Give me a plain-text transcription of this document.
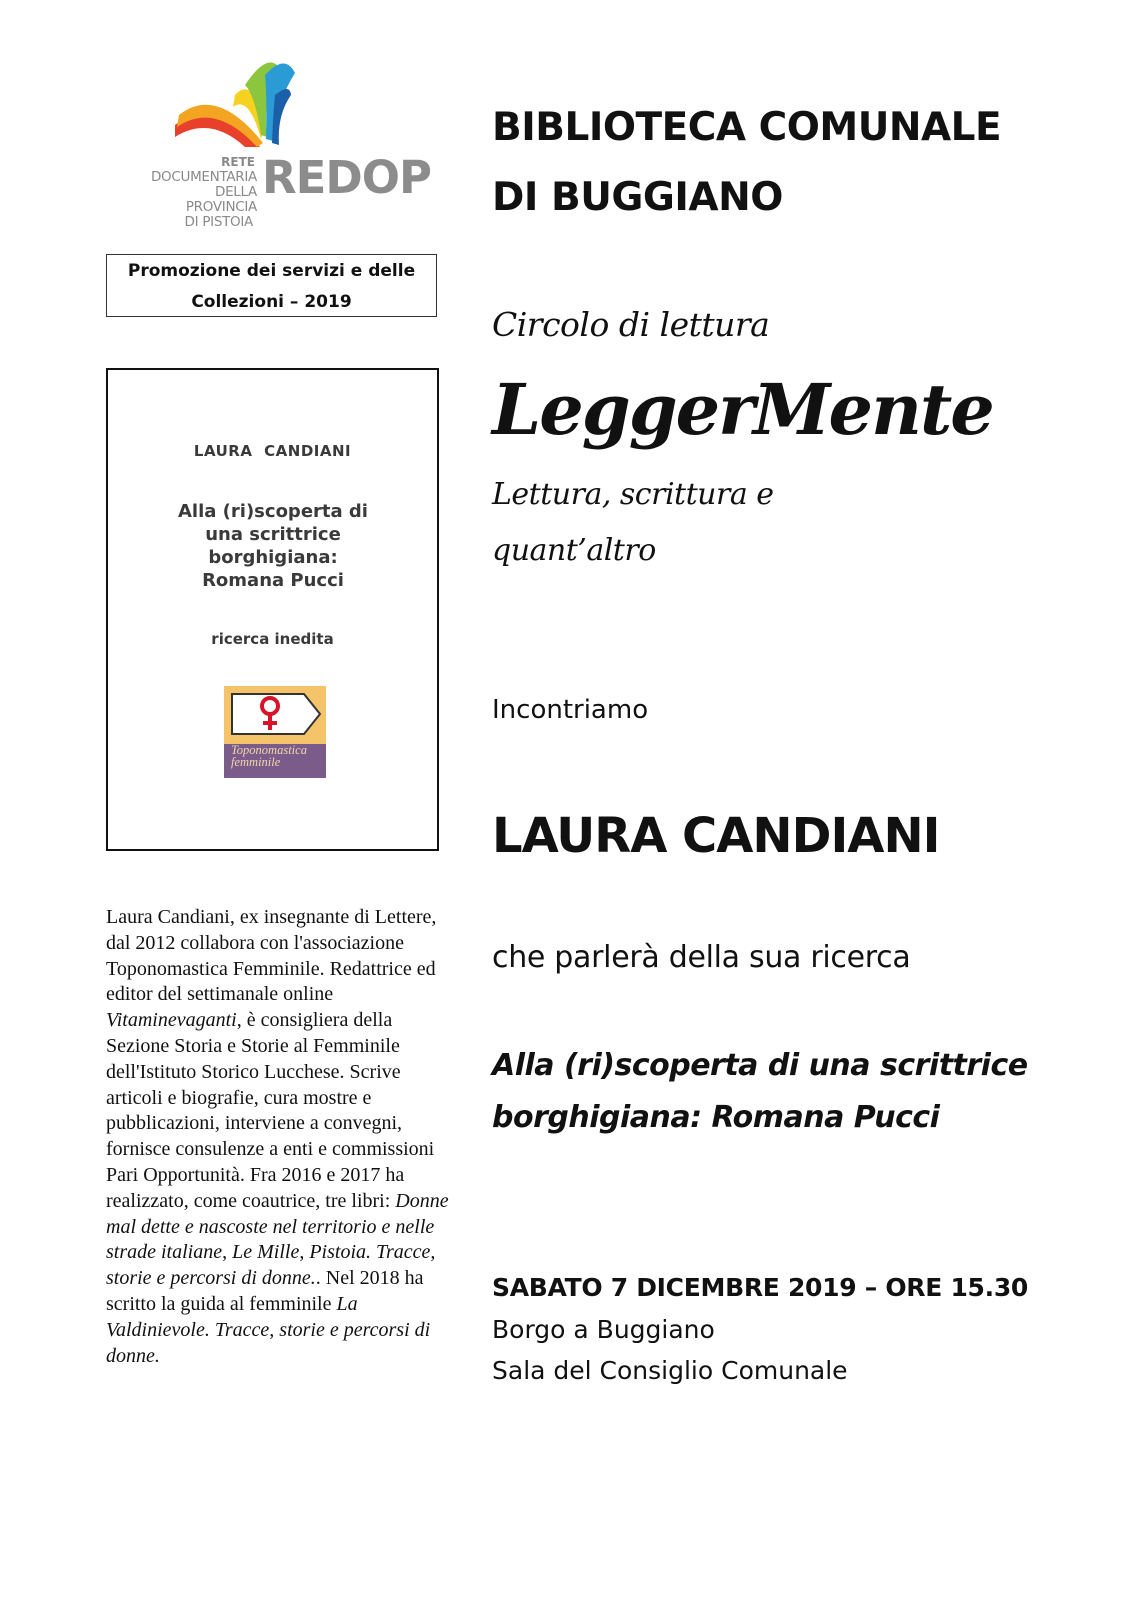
RETE
DOCUMENTARIA
DELLA PROVINCIA
DI PISTOIA
REDOP
Promozione dei servizi e delle
Collezioni – 2019
LAURA CANDIANI
Alla (ri)scoperta di
una scrittrice
borghigiana:
Romana Pucci
ricerca inedita
Toponomastica
femminile
Laura Candiani, ex insegnante di Lettere, dal 2012 collabora con l'associazione Toponomastica Femminile. Redattrice ed editor del settimanale online Vitaminevaganti, è consigliera della Sezione Storia e Storie al Femminile dell'Istituto Storico Lucchese. Scrive articoli e biografie, cura mostre e pubblicazioni, interviene a convegni, fornisce consulenze a enti e commissioni Pari Opportunità. Fra 2016 e 2017 ha realizzato, come coautrice, tre libri: Donne mal dette e nascoste nel territorio e nelle strade italiane, Le Mille, Pistoia. Tracce, storie e percorsi di donne.. Nel 2018 ha scritto la guida al femminile La Valdinievole. Tracce, storie e percorsi di donne.
BIBLIOTECA COMUNALE
DI BUGGIANO
Circolo di lettura
LeggerMente
Lettura, scrittura e quant’altro
Incontriamo
LAURA CANDIANI
che parlerà della sua ricerca
Alla (ri)scoperta di una scrittrice borghigiana: Romana Pucci
SABATO 7 DICEMBRE 2019 – ORE 15.30
Borgo a Buggiano
Sala del Consiglio Comunale
